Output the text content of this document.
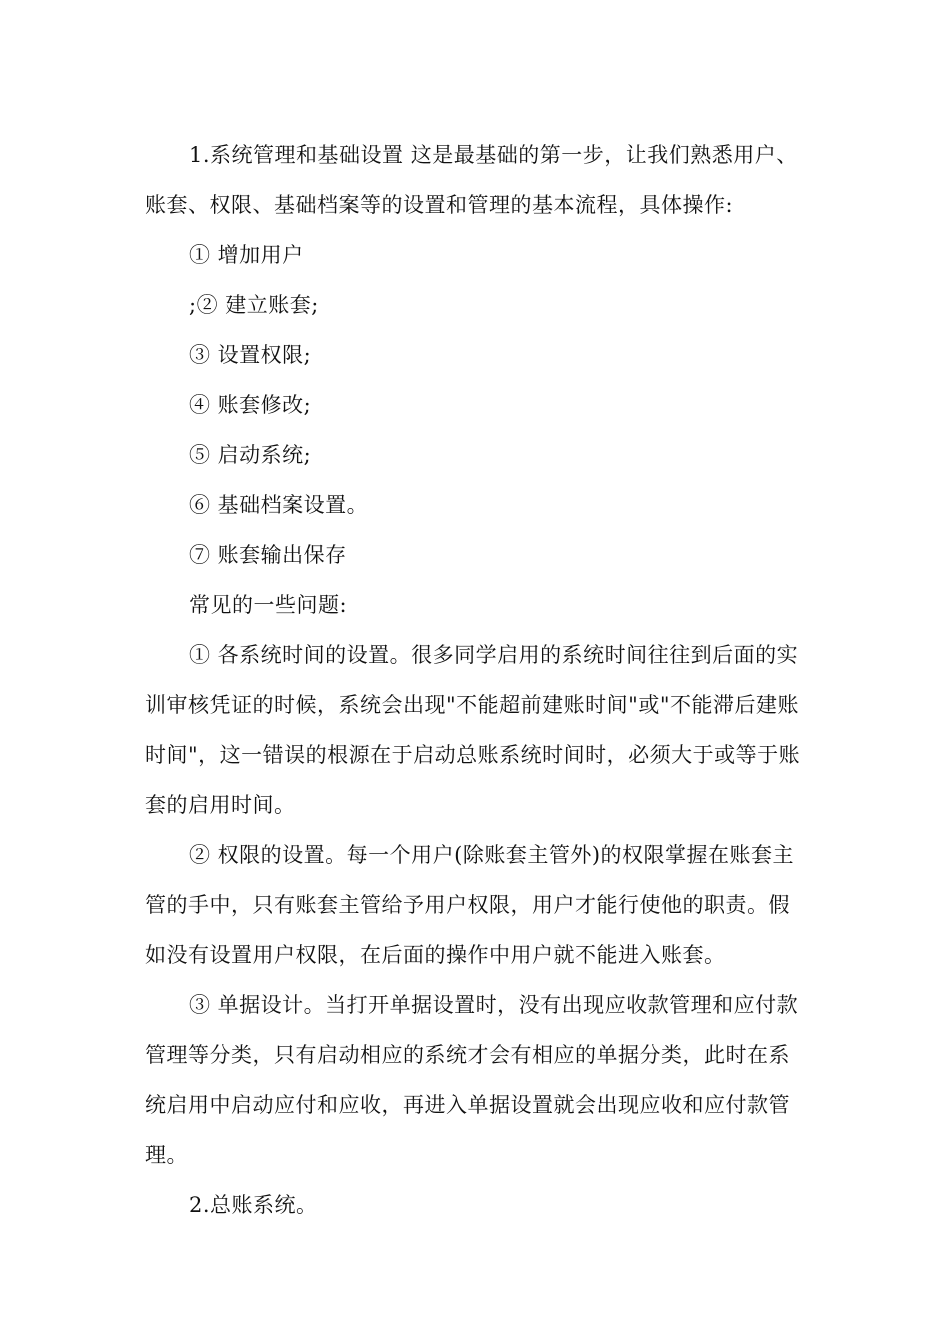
1.系统管理和基础设置 这是最基础的第一步，让我们熟悉用户、账套、权限、基础档案等的设置和管理的基本流程，具体操作:

① 增加用户

;② 建立账套;

③ 设置权限;

④ 账套修改;

⑤ 启动系统;

⑥ 基础档案设置。

⑦ 账套输出保存

常见的一些问题:

① 各系统时间的设置。很多同学启用的系统时间往往到后面的实训审核凭证的时候，系统会出现"不能超前建账时间"或"不能滞后建账时间"，这一错误的根源在于启动总账系统时间时，必须大于或等于账套的启用时间。

② 权限的设置。每一个用户(除账套主管外)的权限掌握在账套主管的手中，只有账套主管给予用户权限，用户才能行使他的职责。假如没有设置用户权限，在后面的操作中用户就不能进入账套。

③ 单据设计。当打开单据设置时，没有出现应收款管理和应付款管理等分类，只有启动相应的系统才会有相应的单据分类，此时在系统启用中启动应付和应收，再进入单据设置就会出现应收和应付款管理。

2.总账系统。
